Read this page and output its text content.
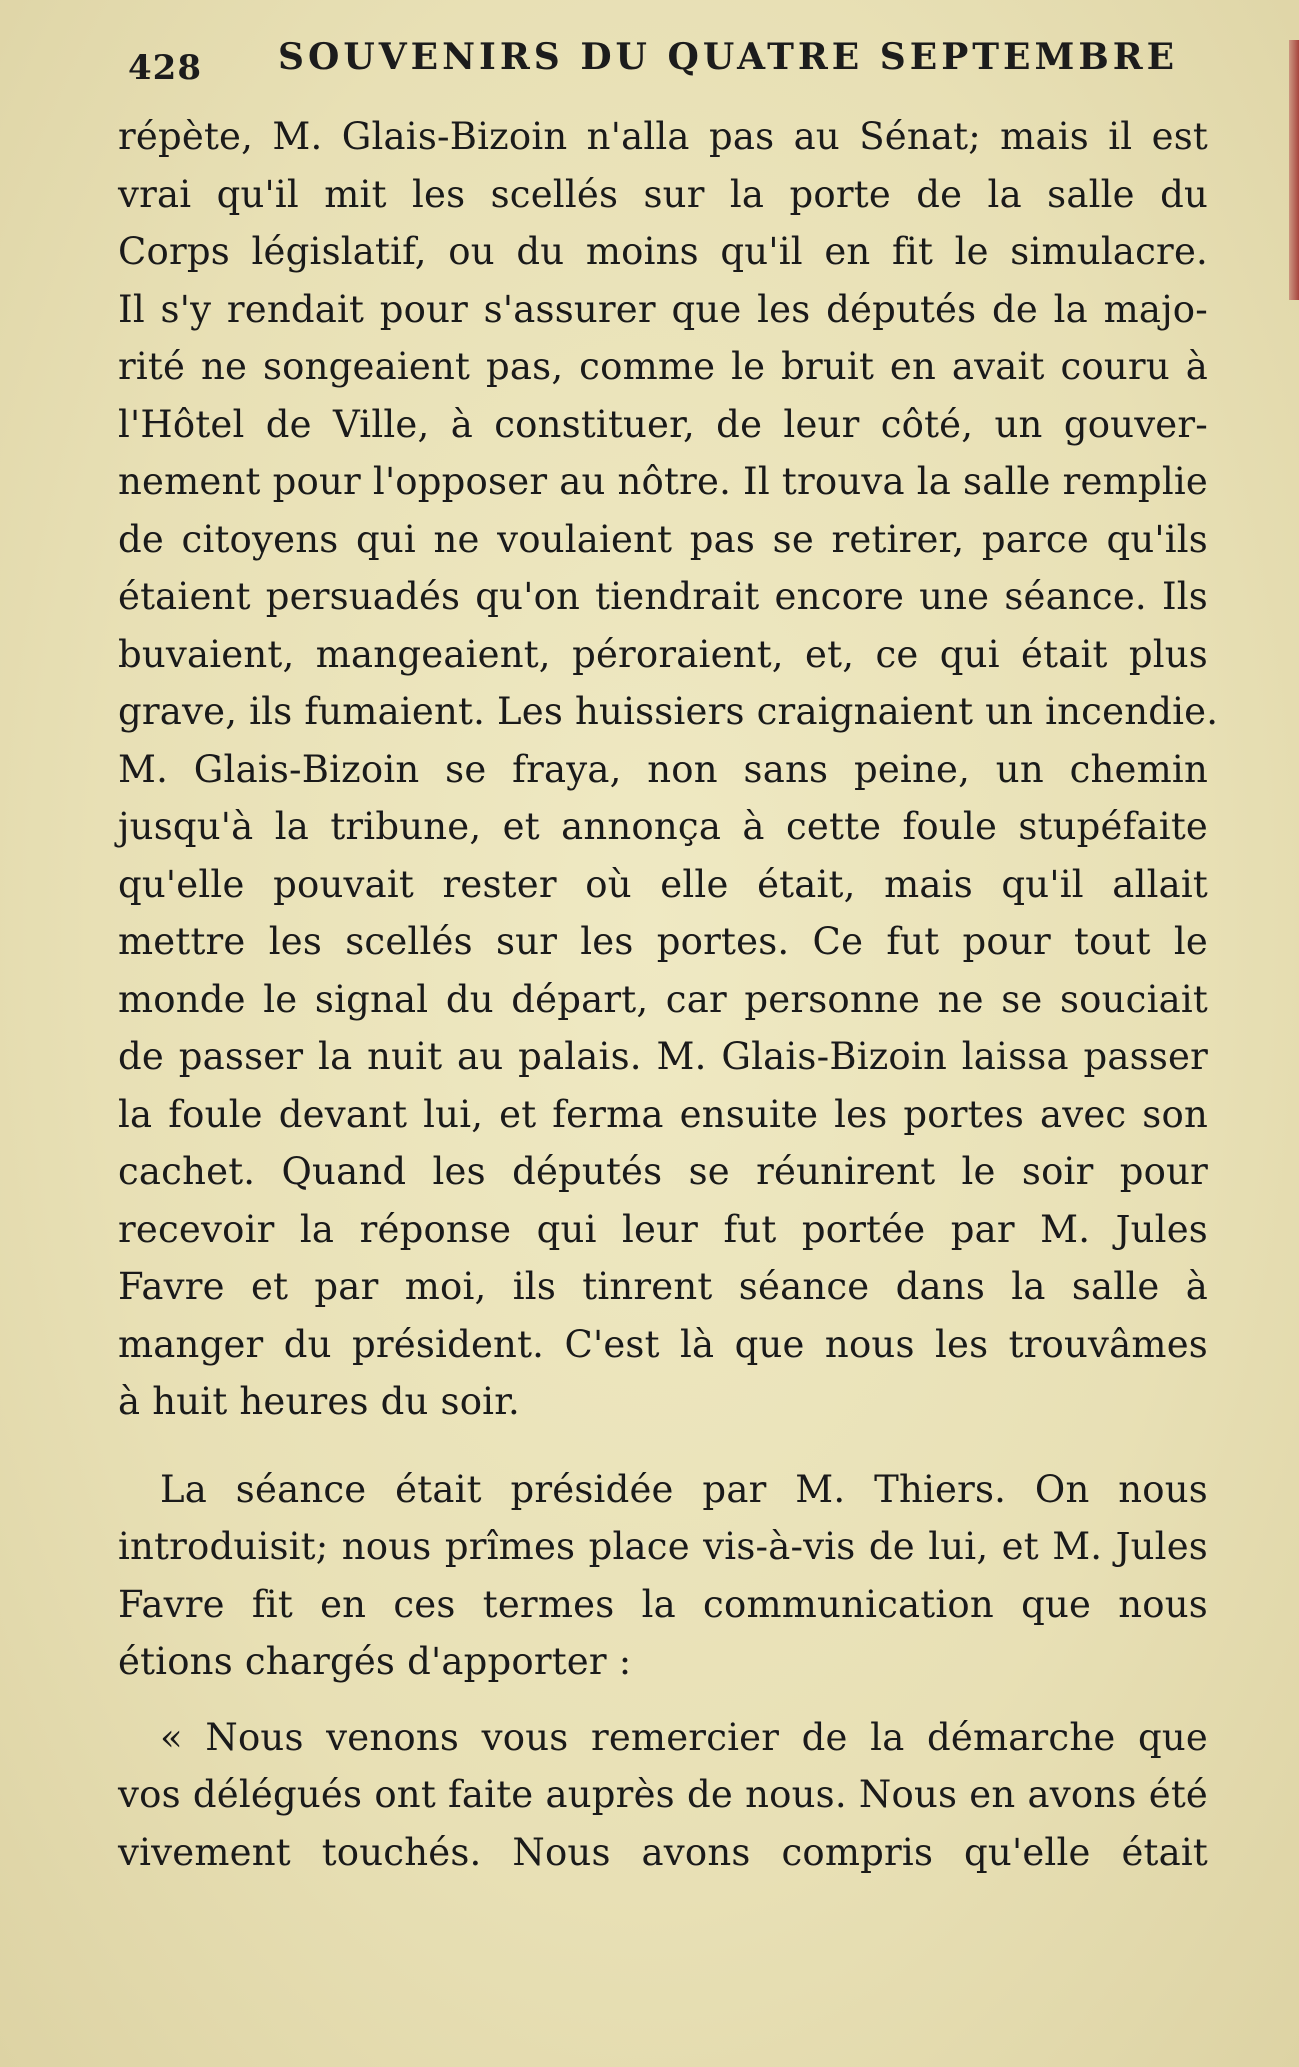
428 SOUVENIRS DU QUATRE SEPTEMBRE
répète, M. Glais-Bizoin n'alla pas au Sénat; mais il est
vrai qu'il mit les scellés sur la porte de la salle du
Corps législatif, ou du moins qu'il en fit le simulacre.
Il s'y rendait pour s'assurer que les députés de la majo-
rité ne songeaient pas, comme le bruit en avait couru à
l'Hôtel de Ville, à constituer, de leur côté, un gouver-
nement pour l'opposer au nôtre. Il trouva la salle remplie
de citoyens qui ne voulaient pas se retirer, parce qu'ils
étaient persuadés qu'on tiendrait encore une séance. Ils
buvaient, mangeaient, péroraient, et, ce qui était plus
grave, ils fumaient. Les huissiers craignaient un incendie.
M. Glais-Bizoin se fraya, non sans peine, un chemin
jusqu'à la tribune, et annonça à cette foule stupéfaite
qu'elle pouvait rester où elle était, mais qu'il allait
mettre les scellés sur les portes. Ce fut pour tout le
monde le signal du départ, car personne ne se souciait
de passer la nuit au palais. M. Glais-Bizoin laissa passer
la foule devant lui, et ferma ensuite les portes avec son
cachet. Quand les députés se réunirent le soir pour
recevoir la réponse qui leur fut portée par M. Jules
Favre et par moi, ils tinrent séance dans la salle à
manger du président. C'est là que nous les trouvâmes
à huit heures du soir.
La séance était présidée par M. Thiers. On nous
introduisit; nous prîmes place vis-à-vis de lui, et M. Jules
Favre fit en ces termes la communication que nous
étions chargés d'apporter :
« Nous venons vous remercier de la démarche que
vos délégués ont faite auprès de nous. Nous en avons été
vivement touchés. Nous avons compris qu'elle était
